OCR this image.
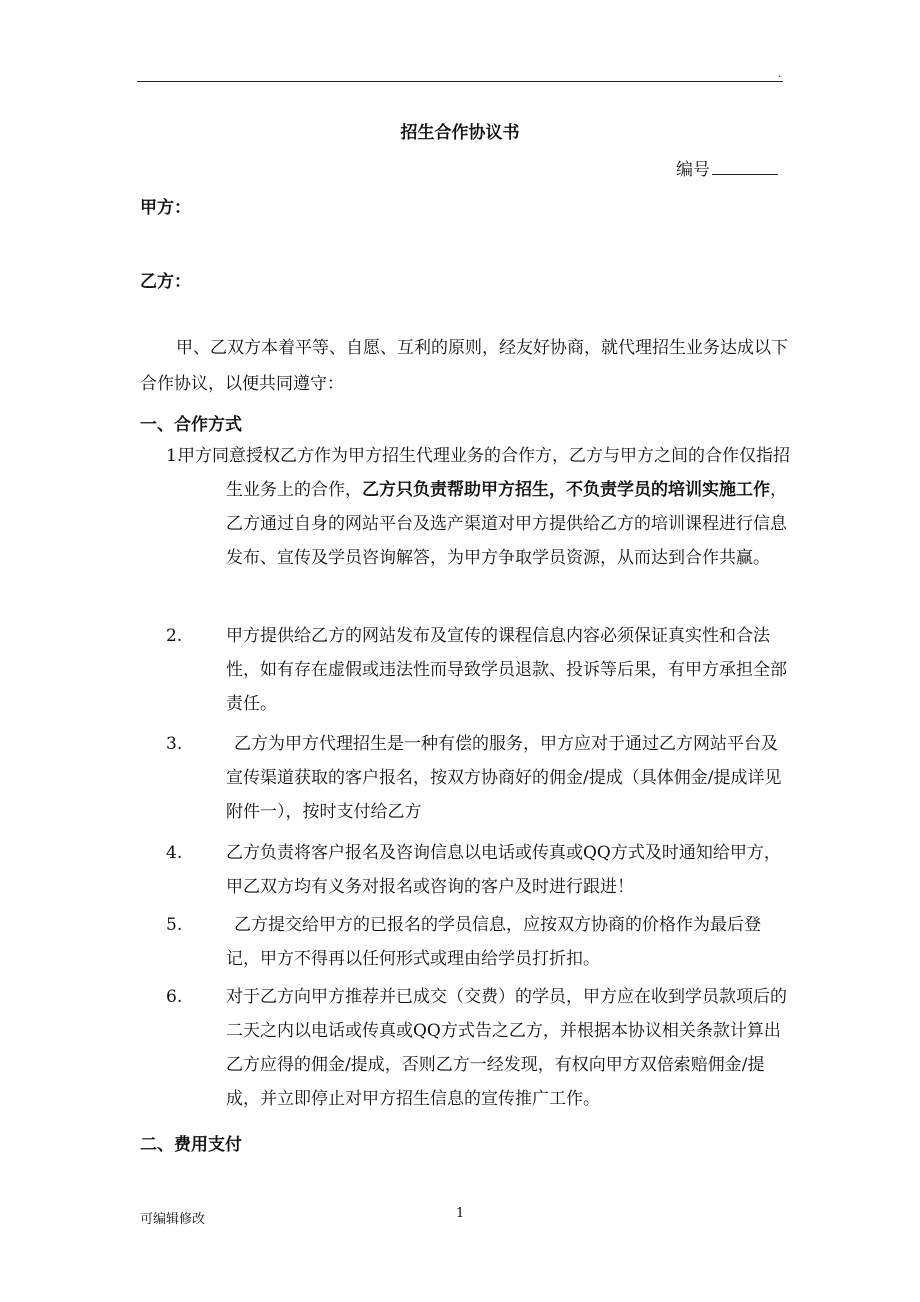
.
招生合作协议书
编号
甲方：
乙方：

甲、乙双方本着平等、自愿、互利的原则，经友好协商，就代理招生业务达成以下合作协议，以便共同遵守：

一、合作方式
1.

甲方同意授权乙方作为甲方招生代理业务的合作方，乙方与甲方之间的合作仅指招生业务上的合作，乙方只负责帮助甲方招生，不负责学员的培训实施工作，乙方通过自身的网站平台及选产渠道对甲方提供给乙方的培训课程进行信息发布、宣传及学员咨询解答，为甲方争取学员资源，从而达到合作共赢。

2.	甲方提供给乙方的网站发布及宣传的课程信息内容必须保证真实性和合法性，如有存在虚假或违法性而导致学员退款、投诉等后果，有甲方承担全部责任。

3.	乙方为甲方代理招生是一种有偿的服务，甲方应对于通过乙方网站平台及宣传渠道获取的客户报名，按双方协商好的佣金/提成（具体佣金/提成详见附件一），按时支付给乙方

4.	乙方负责将客户报名及咨询信息以电话或传真或QQ方式及时通知给甲方，甲乙双方均有义务对报名或咨询的客户及时进行跟进！

5.	乙方提交给甲方的已报名的学员信息，应按双方协商的价格作为最后登记，甲方不得再以任何形式或理由给学员打折扣。

6.	对于乙方向甲方推荐并已成交（交费）的学员，甲方应在收到学员款项后的二天之内以电话或传真或QQ方式告之乙方，并根据本协议相关条款计算出乙方应得的佣金/提成，否则乙方一经发现，有权向甲方双倍索赔佣金/提成，并立即停止对甲方招生信息的宣传推广工作。

二、费用支付
可编辑修改	1
